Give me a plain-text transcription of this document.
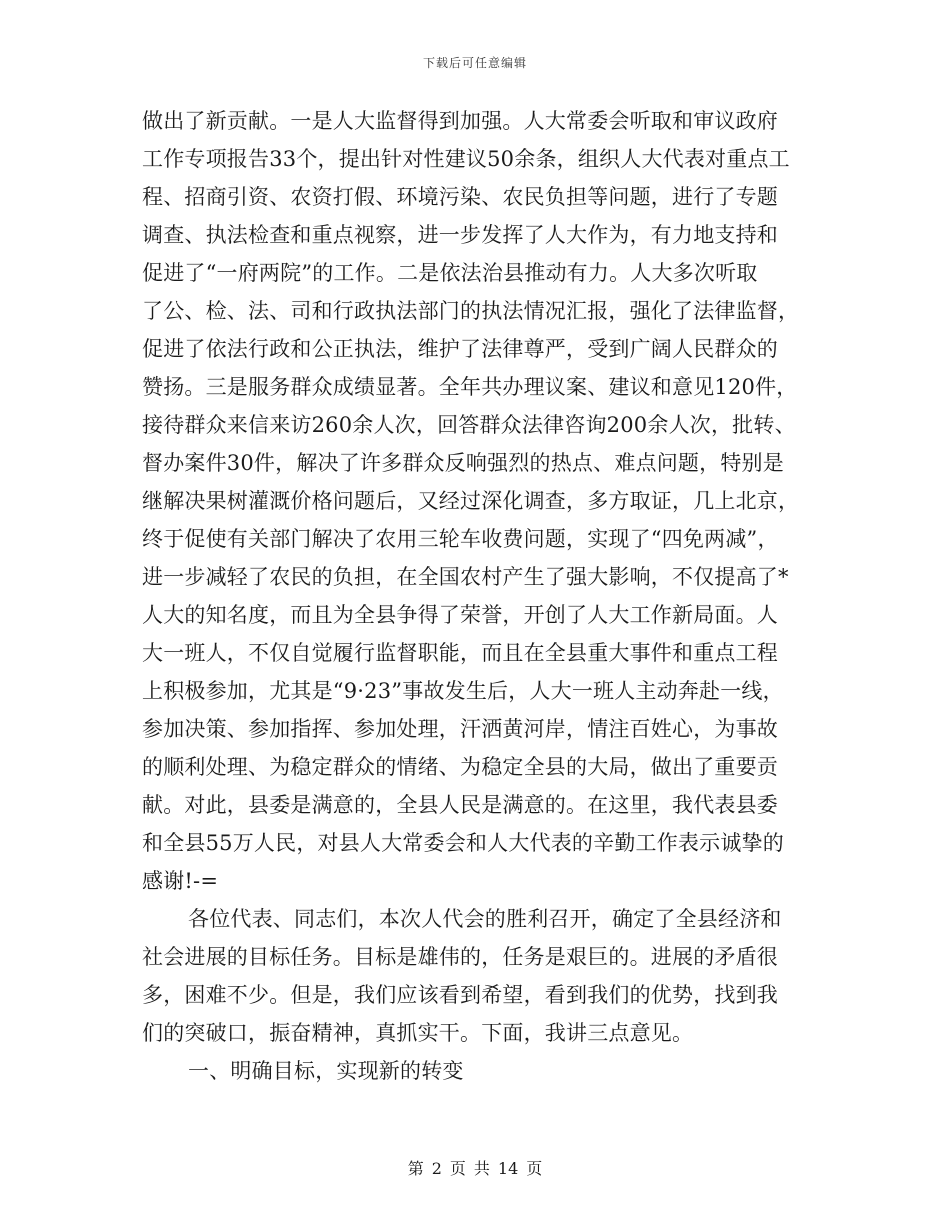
下载后可任意编辑
做出了新贡献。一是人大监督得到加强。人大常委会听取和审议政府
工作专项报告33个，提出针对性建议50余条，组织人大代表对重点工
程、招商引资、农资打假、环境污染、农民负担等问题，进行了专题
调查、执法检查和重点视察，进一步发挥了人大作为，有力地支持和
促进了“一府两院”的工作。二是依法治县推动有力。人大多次听取
了公、检、法、司和行政执法部门的执法情况汇报，强化了法律监督，
促进了依法行政和公正执法，维护了法律尊严，受到广阔人民群众的
赞扬。三是服务群众成绩显著。全年共办理议案、建议和意见120件，
接待群众来信来访260余人次，回答群众法律咨询200余人次，批转、
督办案件30件，解决了许多群众反响强烈的热点、难点问题，特别是
继解决果树灌溉价格问题后，又经过深化调查，多方取证，几上北京，
终于促使有关部门解决了农用三轮车收费问题，实现了“四免两减”，
进一步减轻了农民的负担，在全国农村产生了强大影响，不仅提高了*
人大的知名度，而且为全县争得了荣誉，开创了人大工作新局面。人
大一班人，不仅自觉履行监督职能，而且在全县重大事件和重点工程
上积极参加，尤其是“9·23”事故发生后，人大一班人主动奔赴一线，
参加决策、参加指挥、参加处理，汗洒黄河岸，情注百姓心，为事故
的顺利处理、为稳定群众的情绪、为稳定全县的大局，做出了重要贡
献。对此，县委是满意的，全县人民是满意的。在这里，我代表县委
和全县55万人民，对县人大常委会和人大代表的辛勤工作表示诚挚的
感谢!-=
各位代表、同志们，本次人代会的胜利召开，确定了全县经济和
社会进展的目标任务。目标是雄伟的，任务是艰巨的。进展的矛盾很
多，困难不少。但是，我们应该看到希望，看到我们的优势，找到我
们的突破口，振奋精神，真抓实干。下面，我讲三点意见。
一、明确目标，实现新的转变
第 2 页 共 14 页
